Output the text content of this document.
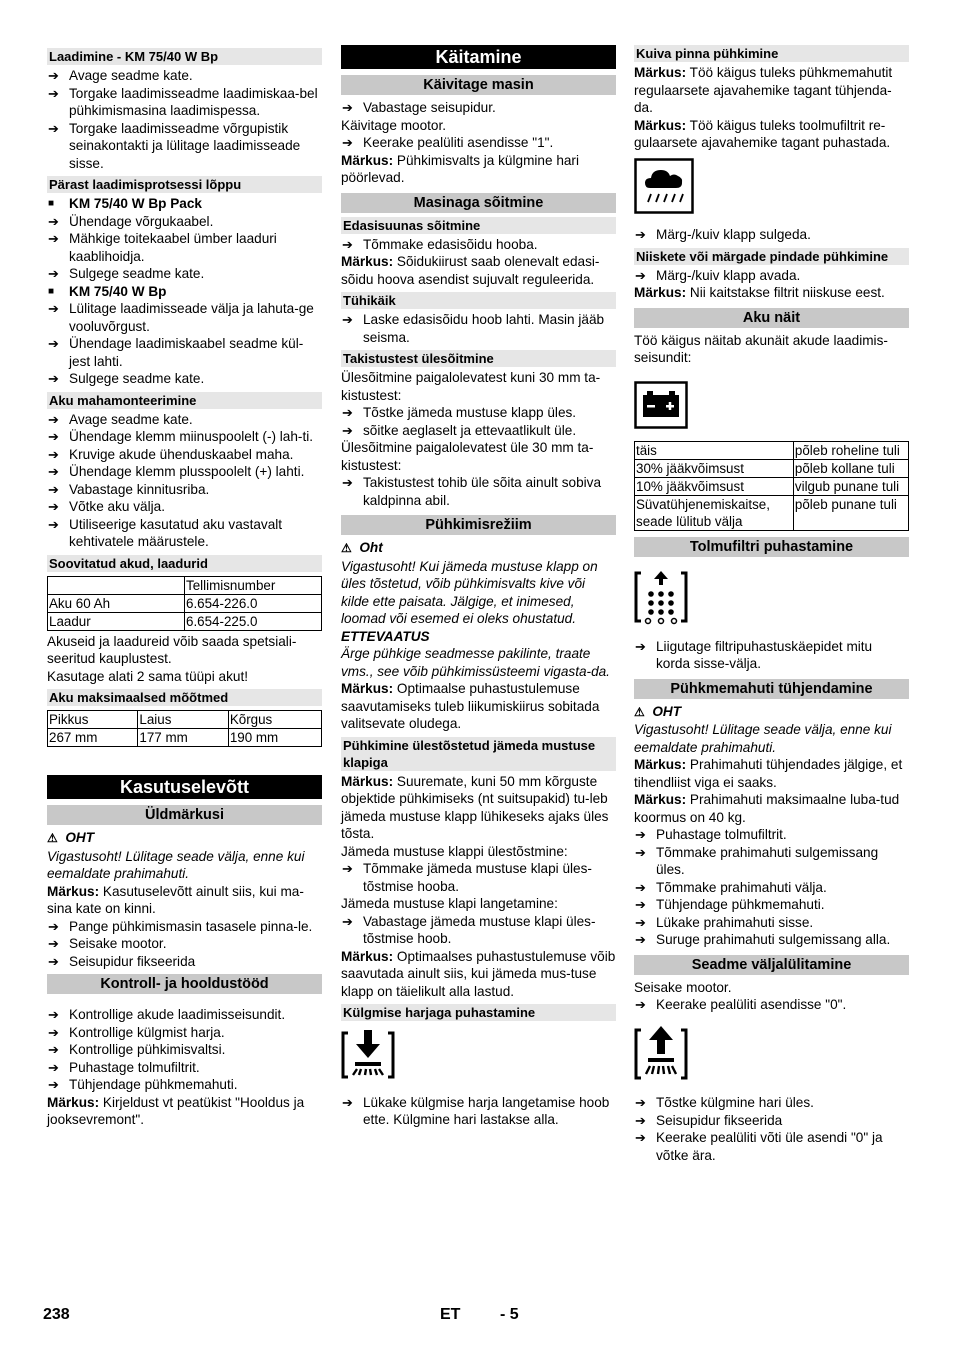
Laadimine - KM 75/40 W Bp
➔ Avage seadme kate.
➔ Torgake laadimisseadme laadimiskaa-bel pühkimismasina laadimispessa.
➔ Torgake laadimisseadme võrgupistik seinakontakti ja lülitage laadimisseade sisse.
Pärast laadimisprotsessi lõppu
■ KM 75/40 W Bp Pack
➔ Ühendage võrgukaabel.
➔ Mähkige toitekaabel ümber laaduri kaablihoidja.
➔ Sulgege seadme kate.
■ KM 75/40 W Bp
➔ Lülitage laadimisseade välja ja lahuta-ge vooluvõrgust.
➔ Ühendage laadimiskaabel seadme kül-jest lahti.
➔ Sulgege seadme kate.
Aku mahamonteerimine
➔ Avage seadme kate.
➔ Ühendage klemm miinuspoolelt (-) lah-ti.
➔ Kruvige akude ühenduskaabel maha.
➔ Ühendage klemm plusspoolelt (+) lahti.
➔ Vabastage kinnitusriba.
➔ Võtke aku välja.
➔ Utiliseerige kasutatud aku vastavalt kehtivatele määrustele.
Soovitatud akud, laadurid
	Tellimisnumber
Aku 60 Ah	6.654-226.0
Laadur	6.654-225.0

Akuseid ja laadureid võib saada spetsiali-seeritud kauplustest.

Kasutage alati 2 sama tüüpi akut!

Aku maksimaalsed mõõtmed
Pikkus	Laius	Kõrgus
267 mm	177 mm	190 mm
Kasutuselevõtt
Üldmärkusi
⚠ OHT

Vigastusoht! Lülitage seade välja, enne kui eemaldate prahimahuti.

Märkus: Kasutuselevõtt ainult siis, kui ma-sina kate on kinni.

➔ Pange pühkimismasin tasasele pinna-le.
➔ Seisake mootor.
➔ Seisupidur fikseerida
Kontroll- ja hooldustööd
➔ Kontrollige akude laadimisseisundit.
➔ Kontrollige külgmist harja.
➔ Kontrollige pühkimisvaltsi.
➔ Puhastage tolmufiltrit.
➔ Tühjendage pühkmemahuti.

Märkus: Kirjeldust vt peatükist "Hooldus ja jooksevremont".

Käitamine
Käivitage masin
➔ Vabastage seisupidur.

Käivitage mootor.

➔ Keerake pealüliti asendisse "1".

Märkus: Pühkimisvalts ja külgmine hari pöörlevad.

Masinaga sõitmine
Edasisuunas sõitmine
➔ Tõmmake edasisõidu hooba.

Märkus: Sõidukiirust saab olenevalt edasi-sõidu hoova asendist sujuvalt reguleerida.

Tühikäik
➔ Laske edasisõidu hoob lahti. Masin jääb seisma.
Takistustest ülesõitmine

Ülesõitmine paigalolevatest kuni 30 mm ta-kistustest:

➔ Tõstke jämeda mustuse klapp üles.
➔ sõitke aeglaselt ja ettevaatlikult üle.

Ülesõitmine paigalolevatest üle 30 mm ta-kistustest:

➔ Takistustest tohib üle sõita ainult sobiva kaldpinna abil.
Pühkimisrežiim
⚠ Oht

Vigastusoht! Kui jämeda mustuse klapp on üles tõstetud, võib pühkimisvalts kive või kilde ette paisata. Jälgige, et inimesed, loomad või esemed ei oleks ohustatud.

ETTEVAATUS

Ärge pühkige seadmesse pakilinte, traate vms., see võib pühkimissüsteemi vigasta-da.

Märkus: Optimaalse puhastustulemuse saavutamiseks tuleb liikumiskiirus sobitada valitsevate oludega.

Pühkimine ülestõstetud jämeda mustuse klapiga

Märkus: Suuremate, kuni 50 mm kõrguste objektide pühkimiseks (nt suitsupakid) tu-leb jämeda mustuse klapp lühikeseks ajaks üles tõsta.

Jämeda mustuse klappi ülestõstmine:

➔ Tõmmake jämeda mustuse klapi üles-tõstmise hooba.

Jämeda mustuse klapi langetamine:

➔ Vabastage jämeda mustuse klapi üles-tõstmise hoob.

Märkus: Optimaalses puhastustulemuse võib saavutada ainult siis, kui jämeda mus-tuse klapp on täielikult alla lastud.

Külgmise harjaga puhastamine
➔ Lükake külgmise harja langetamise hoob ette. Külgmine hari lastakse alla.
Kuiva pinna pühkimine

Märkus: Töö käigus tuleks pühkmemahutit regulaarsete ajavahemike tagant tühjenda-da.

Märkus: Töö käigus tuleks toolmufiltrit re-gulaarsete ajavahemike tagant puhastada.

➔ Märg-/kuiv klapp sulgeda.
Niiskete või märgade pindade pühkimine
➔ Märg-/kuiv klapp avada.

Märkus: Nii kaitstakse filtrit niiskuse eest.

Aku näit

Töö käigus näitab akunäit akude laadimis-seisundit:

täis	põleb roheline tuli
30% jääkvõimsust	põleb kollane tuli
10% jääkvõimsust	vilgub punane tuli
Süvatühjenemiskaitse, seade lülitub välja	põleb punane tuli
Tolmufiltri puhastamine
➔ Liigutage filtripuhastuskäepidet mitu korda sisse-välja.
Pühkmemahuti tühjendamine
⚠ OHT

Vigastusoht! Lülitage seade välja, enne kui eemaldate prahimahuti.

Märkus: Prahimahuti tühjendades jälgige, et tihendliist viga ei saaks.

Märkus: Prahimahuti maksimaalne luba-tud koormus on 40 kg.

➔ Puhastage tolmufiltrit.
➔ Tõmmake prahimahuti sulgemissang üles.
➔ Tõmmake prahimahuti välja.
➔ Tühjendage pühkmemahuti.
➔ Lükake prahimahuti sisse.
➔ Suruge prahimahuti sulgemissang alla.
Seadme väljalülitamine

Seisake mootor.

➔ Keerake pealüliti asendisse "0".
➔ Tõstke külgmine hari üles.
➔ Seisupidur fikseerida
➔ Keerake pealüliti võti üle asendi "0" ja võtke ära.
238	ET - 5
